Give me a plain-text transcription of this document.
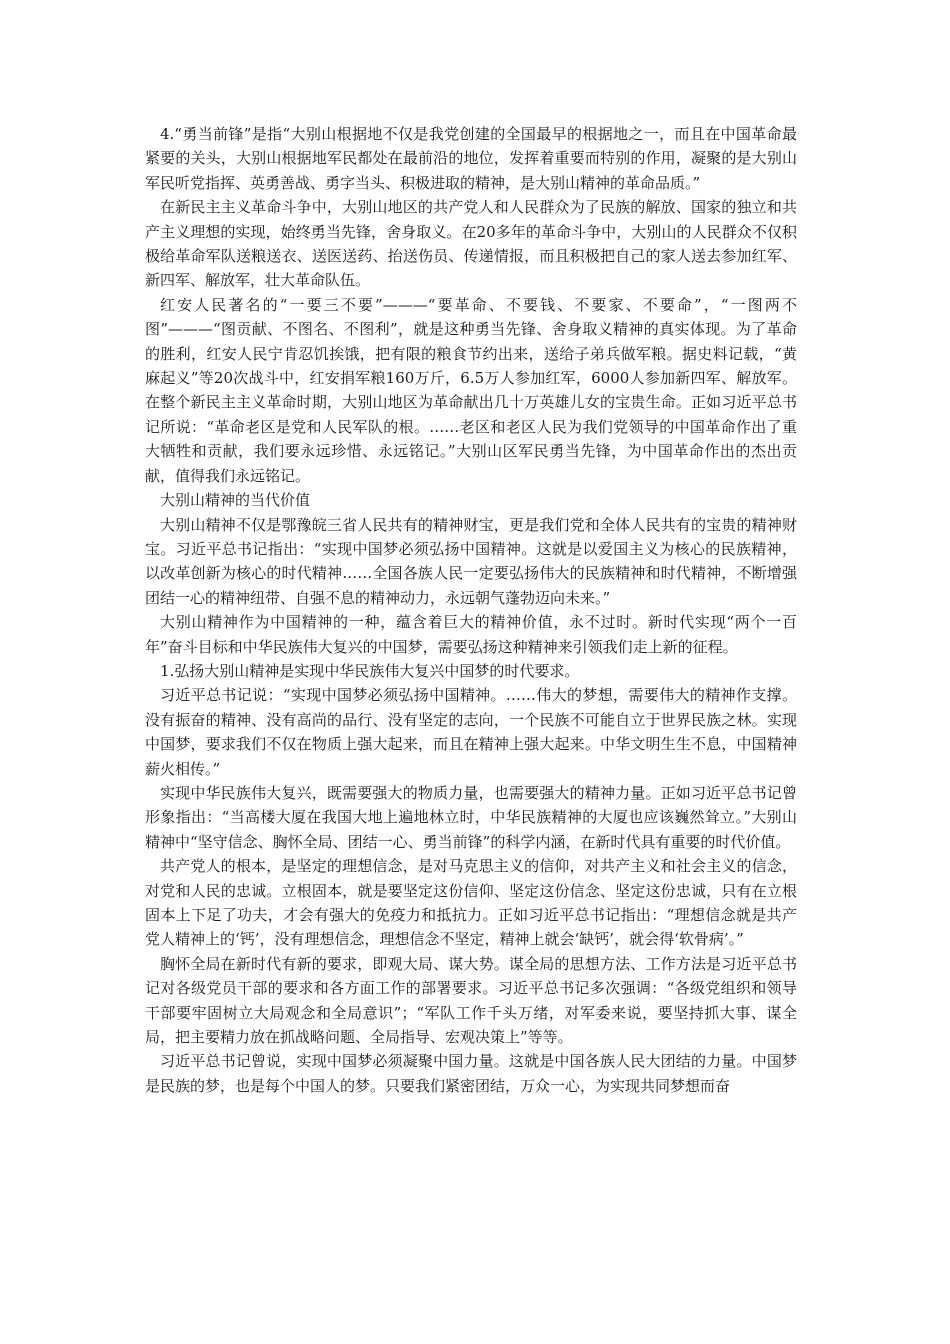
4.“勇当前锋”是指“大别山根据地不仅是我党创建的全国最早的根据地之一，而且在中国革命最紧要的关头，大别山根据地军民都处在最前沿的地位，发挥着重要而特别的作用，凝聚的是大别山军民听党指挥、英勇善战、勇字当头、积极进取的精神，是大别山精神的革命品质。”

在新民主主义革命斗争中，大别山地区的共产党人和人民群众为了民族的解放、国家的独立和共产主义理想的实现，始终勇当先锋，舍身取义。在20多年的革命斗争中，大别山的人民群众不仅积极给革命军队送粮送衣、送医送药、抬送伤员、传递情报，而且积极把自己的家人送去参加红军、新四军、解放军，壮大革命队伍。

红安人民著名的“一要三不要”———“要革命、不要钱、不要家、不要命”，“一图两不图”———“图贡献、不图名、不图利”，就是这种勇当先锋、舍身取义精神的真实体现。为了革命的胜利，红安人民宁肯忍饥挨饿，把有限的粮食节约出来，送给子弟兵做军粮。据史料记载，“黄麻起义”等20次战斗中，红安捐军粮160万斤，6.5万人参加红军，6000人参加新四军、解放军。在整个新民主主义革命时期，大别山地区为革命献出几十万英雄儿女的宝贵生命。正如习近平总书记所说：“革命老区是党和人民军队的根。……老区和老区人民为我们党领导的中国革命作出了重大牺牲和贡献，我们要永远珍惜、永远铭记。”大别山区军民勇当先锋，为中国革命作出的杰出贡献，值得我们永远铭记。

大别山精神的当代价值

大别山精神不仅是鄂豫皖三省人民共有的精神财宝，更是我们党和全体人民共有的宝贵的精神财宝。习近平总书记指出：“实现中国梦必须弘扬中国精神。这就是以爱国主义为核心的民族精神，以改革创新为核心的时代精神……全国各族人民一定要弘扬伟大的民族精神和时代精神，不断增强团结一心的精神纽带、自强不息的精神动力，永远朝气蓬勃迈向未来。”

大别山精神作为中国精神的一种，蕴含着巨大的精神价值，永不过时。新时代实现“两个一百年”奋斗目标和中华民族伟大复兴的中国梦，需要弘扬这种精神来引领我们走上新的征程。

1.弘扬大别山精神是实现中华民族伟大复兴中国梦的时代要求。

习近平总书记说：“实现中国梦必须弘扬中国精神。……伟大的梦想，需要伟大的精神作支撑。没有振奋的精神、没有高尚的品行、没有坚定的志向，一个民族不可能自立于世界民族之林。实现中国梦，要求我们不仅在物质上强大起来，而且在精神上强大起来。中华文明生生不息，中国精神薪火相传。”

实现中华民族伟大复兴，既需要强大的物质力量，也需要强大的精神力量。正如习近平总书记曾形象指出：“当高楼大厦在我国大地上遍地林立时，中华民族精神的大厦也应该巍然耸立。”大别山精神中“坚守信念、胸怀全局、团结一心、勇当前锋”的科学内涵，在新时代具有重要的时代价值。

共产党人的根本，是坚定的理想信念，是对马克思主义的信仰，对共产主义和社会主义的信念，对党和人民的忠诚。立根固本，就是要坚定这份信仰、坚定这份信念、坚定这份忠诚，只有在立根固本上下足了功夫，才会有强大的免疫力和抵抗力。正如习近平总书记指出：“理想信念就是共产党人精神上的‘钙’，没有理想信念，理想信念不坚定，精神上就会‘缺钙’，就会得‘软骨病’。”

胸怀全局在新时代有新的要求，即观大局、谋大势。谋全局的思想方法、工作方法是习近平总书记对各级党员干部的要求和各方面工作的部署要求。习近平总书记多次强调：“各级党组织和领导干部要牢固树立大局观念和全局意识”；“军队工作千头万绪，对军委来说，要坚持抓大事、谋全局，把主要精力放在抓战略问题、全局指导、宏观决策上”等等。

习近平总书记曾说，实现中国梦必须凝聚中国力量。这就是中国各族人民大团结的力量。中国梦是民族的梦，也是每个中国人的梦。只要我们紧密团结，万众一心，为实现共同梦想而奋
